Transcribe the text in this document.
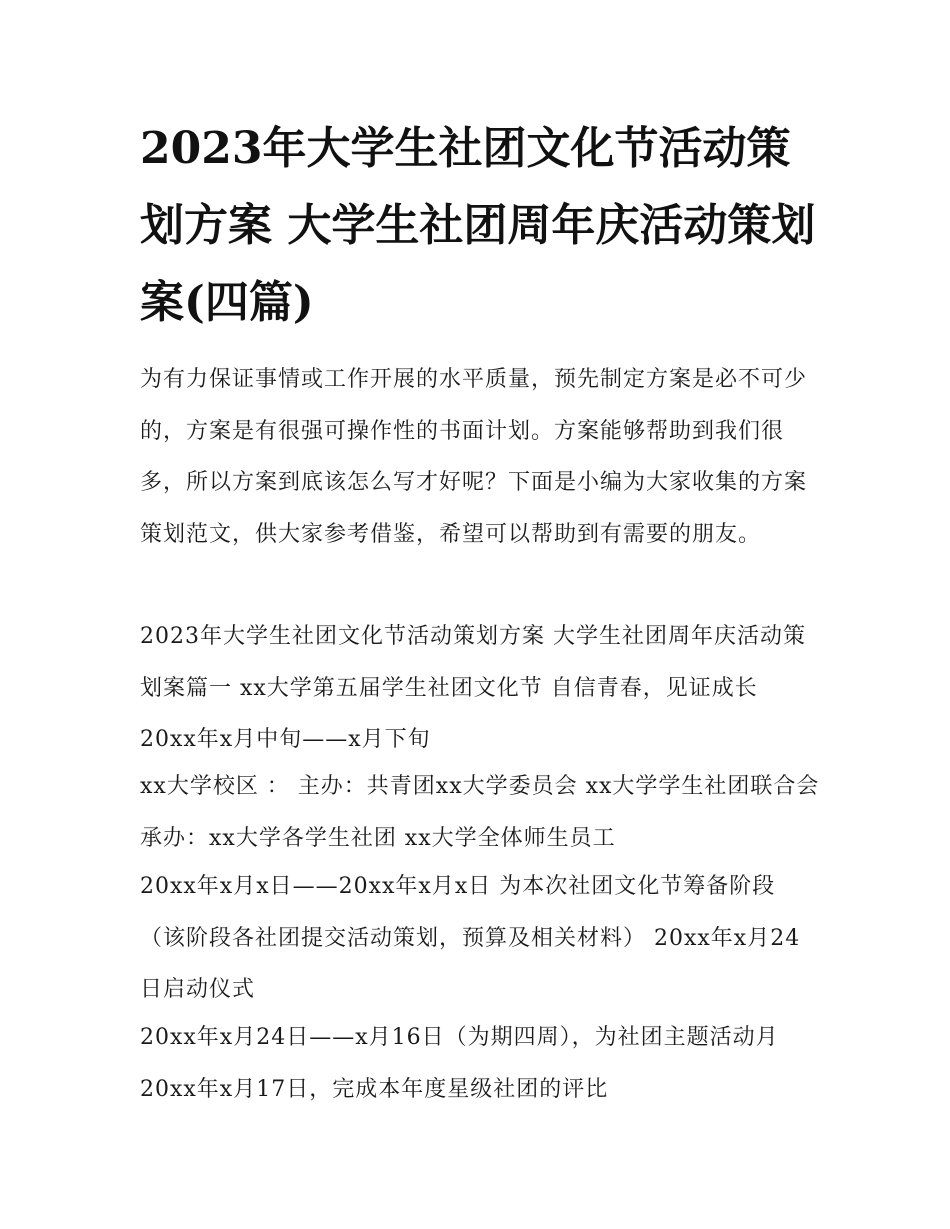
2023年大学生社团文化节活动策划方案 大学生社团周年庆活动策划案(四篇)

为有力保证事情或工作开展的水平质量，预先制定方案是必不可少的，方案是有很强可操作性的书面计划。方案能够帮助到我们很多，所以方案到底该怎么写才好呢？下面是小编为大家收集的方案策划范文，供大家参考借鉴，希望可以帮助到有需要的朋友。

2023年大学生社团文化节活动策划方案 大学生社团周年庆活动策划案篇一 xx大学第五届学生社团文化节 自信青春，见证成长 20xx年x月中旬——x月下旬

xx大学校区 ： 主办：共青团xx大学委员会 xx大学学生社团联合会 承办：xx大学各学生社团 xx大学全体师生员工

20xx年x月x日——20xx年x月x日 为本次社团文化节筹备阶段 （该阶段各社团提交活动策划，预算及相关材料） 20xx年x月24日启动仪式

20xx年x月24日——x月16日（为期四周），为社团主题活动月 20xx年x月17日，完成本年度星级社团的评比
